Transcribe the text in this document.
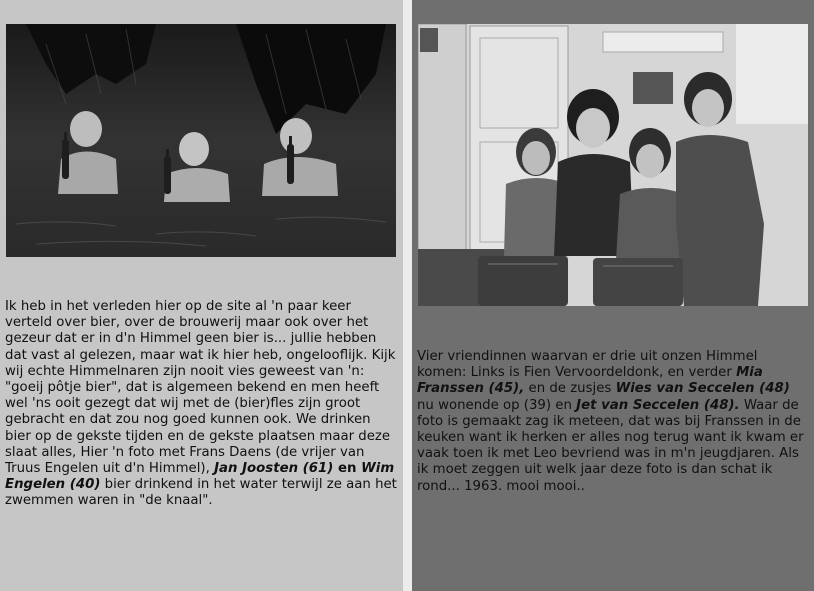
Ik heb in het verleden hier op de site al 'n paar keer verteld over bier, over de brouwerij maar ook over het gezeur dat er in d'n Himmel geen bier is... jullie hebben dat vast al gelezen, maar wat ik hier heb, ongelooflijk. Kijk wij echte Himmelnaren zijn nooit vies geweest van 'n: "goeij pôtje bier", dat is algemeen bekend en men heeft wel 'ns ooit gezegt dat wij met de (bier)fles zijn groot gebracht en dat zou nog goed kunnen ook. We drinken bier op de gekste tijden en de gekste plaatsen maar deze slaat alles, Hier 'n foto met Frans Daens (de vrijer van Truus Engelen uit d'n Himmel), Jan Joosten (61) en Wim Engelen (40) bier drinkend in het water terwijl ze aan het zwemmen waren in "de knaal".

Vier vriendinnen waarvan er drie uit onzen Himmel komen: Links is Fien Vervoordeldonk, en verder Mia Franssen (45), en de zusjes Wies van Seccelen (48) nu wonende op (39) en Jet van Seccelen (48). Waar de foto is gemaakt zag ik meteen, dat was bij Franssen in de keuken want ik herken er alles nog terug want ik kwam er vaak toen ik met Leo bevriend was in m'n jeugdjaren. Als ik moet zeggen uit welk jaar deze foto is dan schat ik rond... 1963. mooi mooi..
